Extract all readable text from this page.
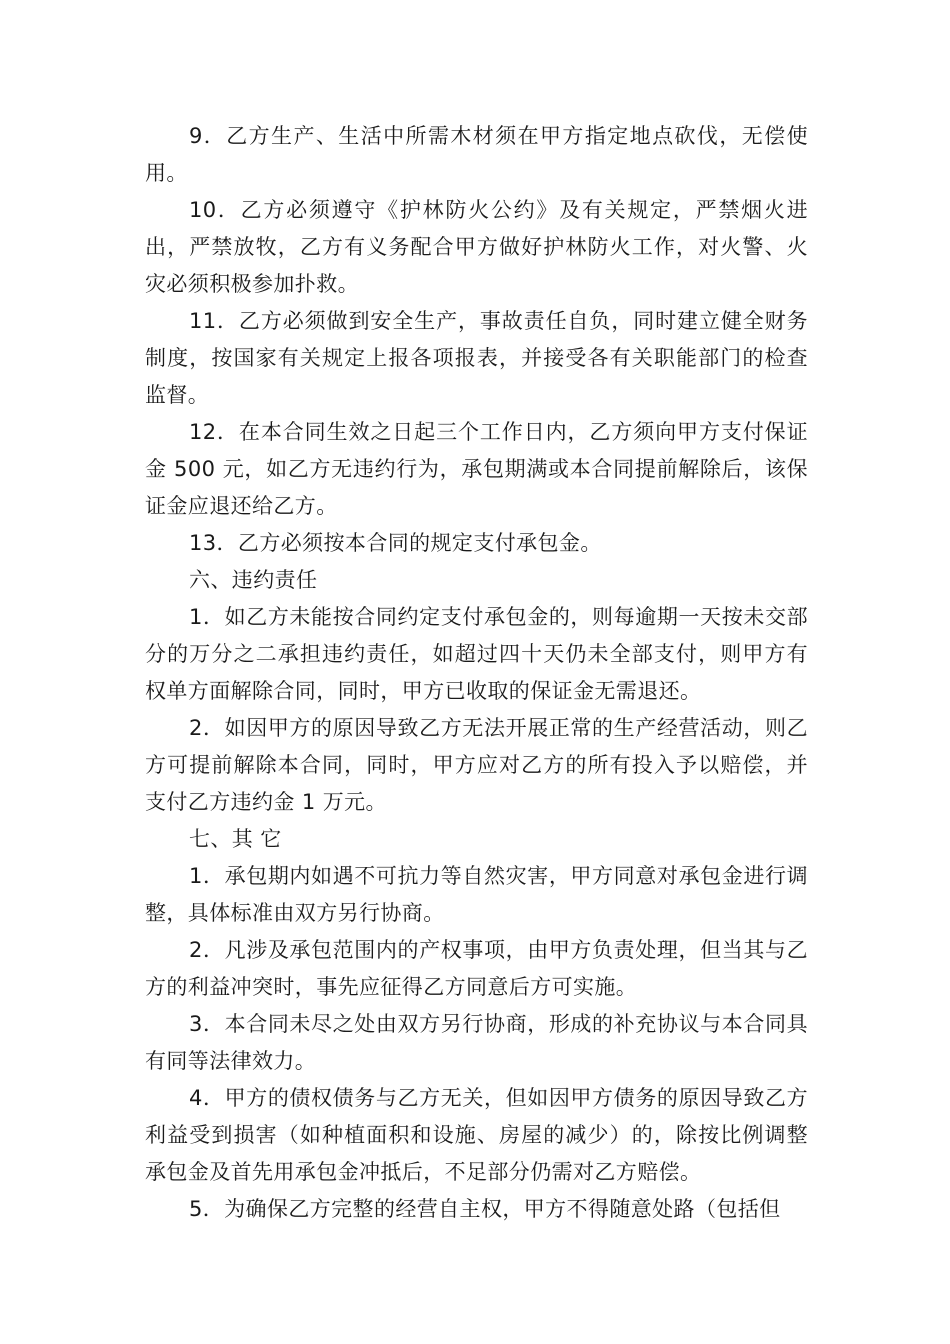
9．乙方生产、生活中所需木材须在甲方指定地点砍伐，无偿使用。

10．乙方必须遵守《护林防火公约》及有关规定，严禁烟火进出，严禁放牧，乙方有义务配合甲方做好护林防火工作，对火警、火灾必须积极参加扑救。

11．乙方必须做到安全生产，事故责任自负，同时建立健全财务制度，按国家有关规定上报各项报表，并接受各有关职能部门的检查监督。

12．在本合同生效之日起三个工作日内，乙方须向甲方支付保证金 500 元，如乙方无违约行为，承包期满或本合同提前解除后，该保证金应退还给乙方。

13．乙方必须按本合同的规定支付承包金。

六、违约责任

1．如乙方未能按合同约定支付承包金的，则每逾期一天按未交部分的万分之二承担违约责任，如超过四十天仍未全部支付，则甲方有权单方面解除合同，同时，甲方已收取的保证金无需退还。

2．如因甲方的原因导致乙方无法开展正常的生产经营活动，则乙方可提前解除本合同，同时，甲方应对乙方的所有投入予以赔偿，并支付乙方违约金 1 万元。

七、其 它

1．承包期内如遇不可抗力等自然灾害，甲方同意对承包金进行调整，具体标准由双方另行协商。

2．凡涉及承包范围内的产权事项，由甲方负责处理，但当其与乙方的利益冲突时，事先应征得乙方同意后方可实施。

3．本合同未尽之处由双方另行协商，形成的补充协议与本合同具有同等法律效力。

4．甲方的债权债务与乙方无关，但如因甲方债务的原因导致乙方利益受到损害（如种植面积和设施、房屋的减少）的，除按比例调整承包金及首先用承包金冲抵后，不足部分仍需对乙方赔偿。

5．为确保乙方完整的经营自主权，甲方不得随意处路（包括但
